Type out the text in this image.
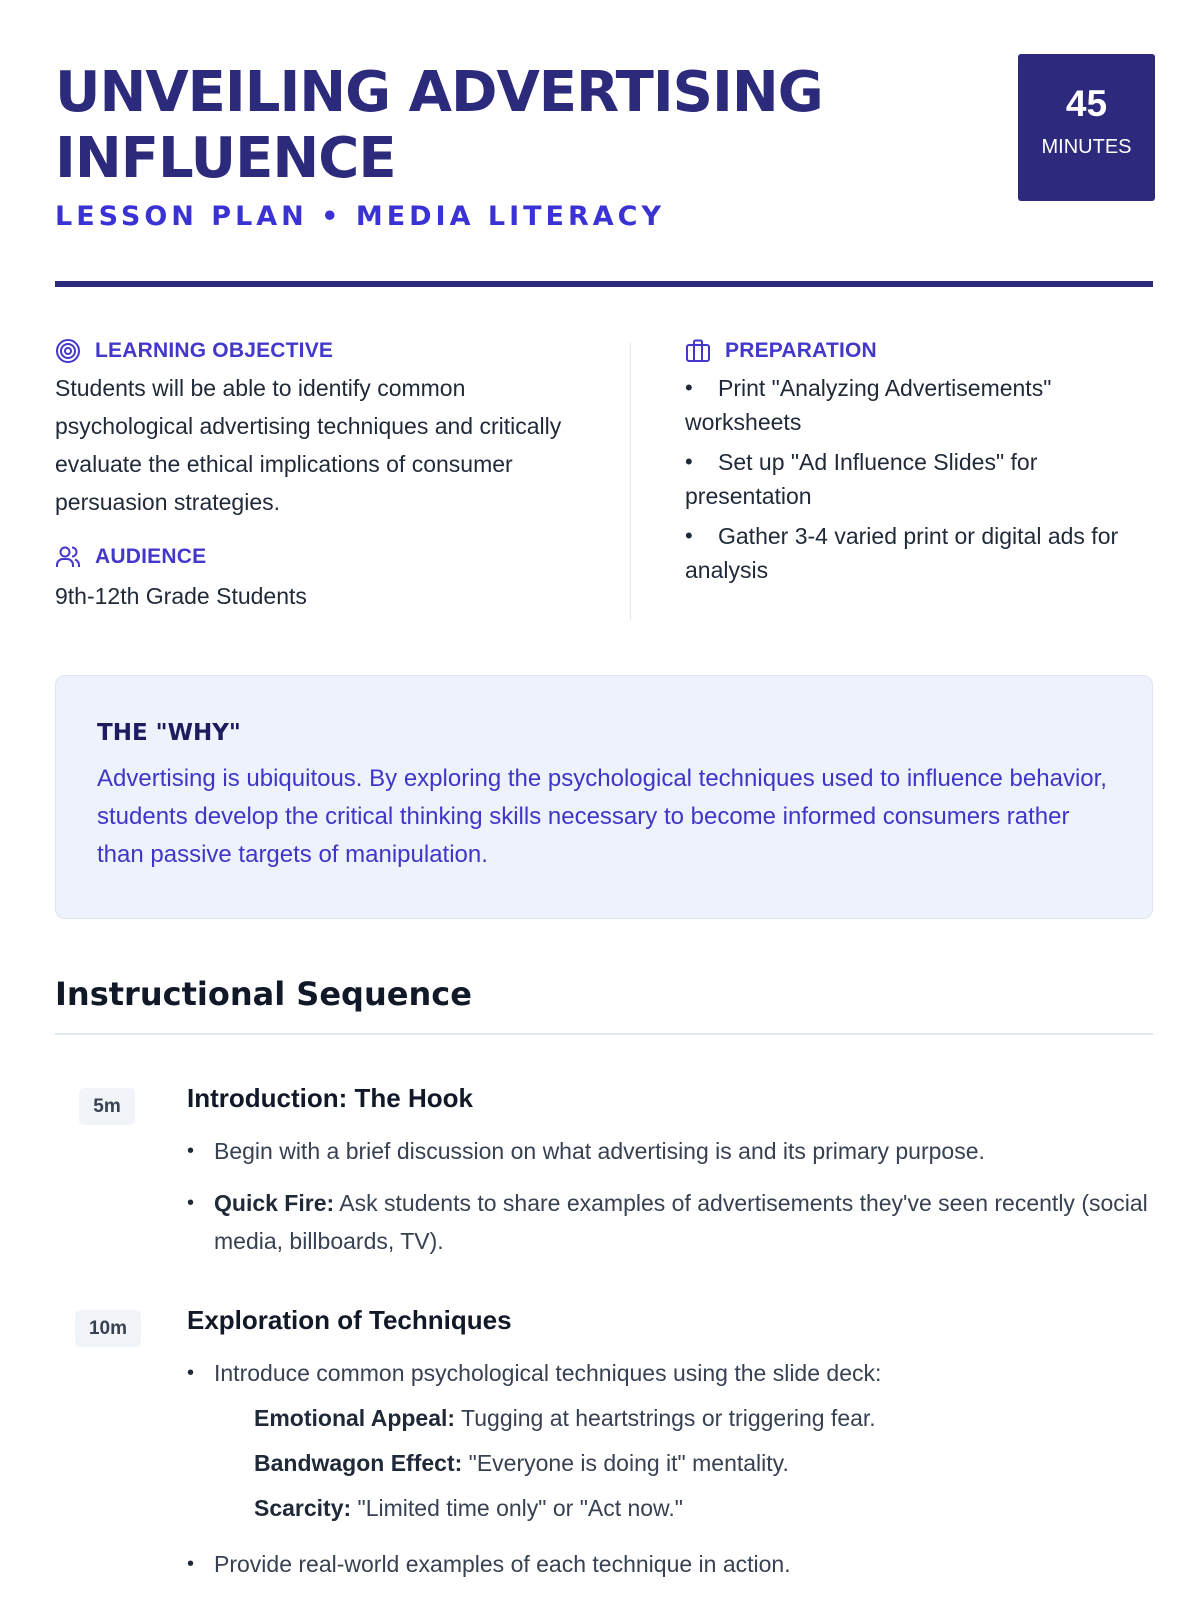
UNVEILING ADVERTISING
INFLUENCE
LESSON PLAN • MEDIA LITERACY
45
MINUTES
LEARNING OBJECTIVE

Students will be able to identify common psychological advertising techniques and critically evaluate the ethical implications of consumer persuasion strategies.

AUDIENCE

9th-12th Grade Students

PREPARATION
• Print "Analyzing Advertisements" worksheets
• Set up "Ad Influence Slides" for presentation
• Gather 3-4 varied print or digital ads for analysis
THE "WHY"

Advertising is ubiquitous. By exploring the psychological techniques used to influence behavior, students develop the critical thinking skills necessary to become informed consumers rather than passive targets of manipulation.

Instructional Sequence
5m	Introduction: The Hook
• Begin with a brief discussion on what advertising is and its primary purpose.
• Quick Fire: Ask students to share examples of advertisements they've seen recently (social media, billboards, TV).
10m	Exploration of Techniques
• Introduce common psychological techniques using the slide deck:
Emotional Appeal: Tugging at heartstrings or triggering fear.
Bandwagon Effect: "Everyone is doing it" mentality.
Scarcity: "Limited time only" or "Act now."
• Provide real-world examples of each technique in action.
